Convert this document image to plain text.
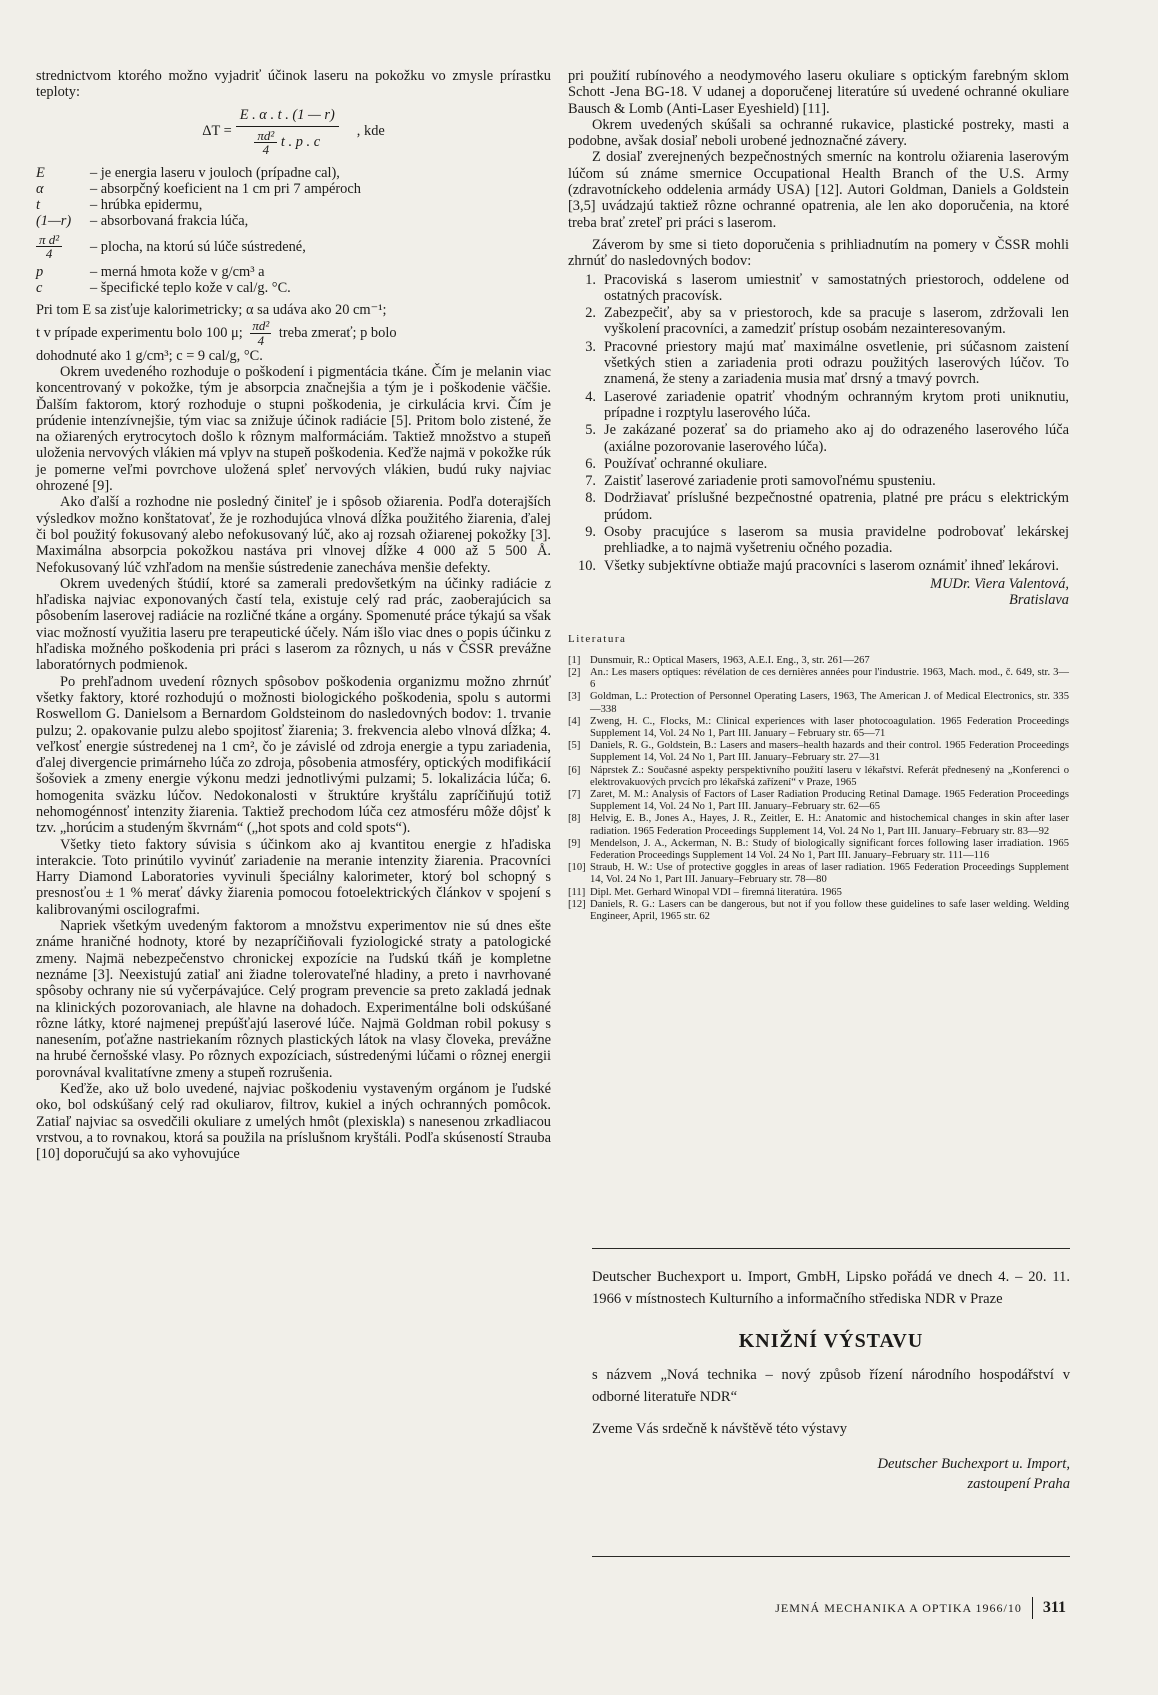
strednictvom ktorého možno vyjadriť účinok laseru na pokožku vo zmysle prírastku teploty:

$\Delta T = \frac{E . \alpha . t . (1 — r)}{\frac{\text{πd²}}{4} t . p . c}$ , kde
E	– je energia laseru v jouloch (prípadne cal),
α	– absorpčný koeficient na 1 cm pri 7 ampéroch
t	– hrúbka epidermu,
(1—r)	– absorbovaná frakcia lúča,
$\frac{\text{π d²}}{4}$ – plocha, na ktorú sú lúče sústredené,
p	– merná hmota kože v g/cm³ a
c	– špecifické teplo kože v cal/g. °C.

Pri tom E sa zisťuje kalorimetricky; α sa udáva ako 20 cm⁻¹;

t v prípade experimentu bolo 100 μ; $\frac{\text{πd²}}{4}$ treba zmerať; p bolo

dohodnuté ako 1 g/cm³; c = 9 cal/g, °C.

Okrem uvedeného rozhoduje o poškodení i pigmentácia tkáne. Čím je melanin viac koncentrovaný v pokožke, tým je absorpcia značnejšia a tým je i poškodenie väčšie. Ďalším faktorom, ktorý rozhoduje o stupni poškodenia, je cirkulácia krvi. Čím je prúdenie intenzívnejšie, tým viac sa znižuje účinok radiácie [5]. Pritom bolo zistené, že na ožiarených erytrocytoch došlo k rôznym malformáciám. Taktiež množstvo a stupeň uloženia nervových vlákien má vplyv na stupeň poškodenia. Keďže najmä v pokožke rúk je pomerne veľmi povrchove uložená spleť nervových vlákien, budú ruky najviac ohrozené [9].

Ako ďalší a rozhodne nie posledný činiteľ je i spôsob ožiarenia. Podľa doterajších výsledkov možno konštatovať, že je rozhodujúca vlnová dĺžka použitého žiarenia, ďalej či bol použitý fokusovaný alebo nefokusovaný lúč, ako aj rozsah ožiarenej pokožky [3]. Maximálna absorpcia pokožkou nastáva pri vlnovej dĺžke 4 000 až 5 500 Å. Nefokusovaný lúč vzhľadom na menšie sústredenie zanecháva menšie defekty.

Okrem uvedených štúdií, ktoré sa zamerali predovšetkým na účinky radiácie z hľadiska najviac exponovaných častí tela, existuje celý rad prác, zaoberajúcich sa pôsobením laserovej radiácie na rozličné tkáne a orgány. Spomenuté práce týkajú sa však viac možností využitia laseru pre terapeutické účely. Nám išlo viac dnes o popis účinku z hľadiska možného poškodenia pri práci s laserom za rôznych, u nás v ČSSR prevážne laboratórnych podmienok.

Po prehľadnom uvedení rôznych spôsobov poškodenia organizmu možno zhrnúť všetky faktory, ktoré rozhodujú o možnosti biologického poškodenia, spolu s autormi Roswellom G. Danielsom a Bernardom Goldsteinom do nasledovných bodov: 1. trvanie pulzu; 2. opakovanie pulzu alebo spojitosť žiarenia; 3. frekvencia alebo vlnová dĺžka; 4. veľkosť energie sústredenej na 1 cm², čo je závislé od zdroja energie a typu zariadenia, ďalej divergencie primárneho lúča zo zdroja, pôsobenia atmosféry, optických modifikácií šošoviek a zmeny energie výkonu medzi jednotlivými pulzami; 5. lokalizácia lúča; 6. homogenita sväzku lúčov. Nedokonalosti v štruktúre kryštálu zapríčiňujú totiž nehomogénnosť intenzity žiarenia. Taktiež prechodom lúča cez atmosféru môže dôjsť k tzv. „horúcim a studeným škvrnám“ („hot spots and cold spots“).

Všetky tieto faktory súvisia s účinkom ako aj kvantitou energie z hľadiska interakcie. Toto prinútilo vyvinúť zariadenie na meranie intenzity žiarenia. Pracovníci Harry Diamond Laboratories vyvinuli špeciálny kalorimeter, ktorý bol schopný s presnosťou ± 1 % merať dávky žiarenia pomocou fotoelektrických článkov v spojení s kalibrovanými oscilografmi.

Napriek všetkým uvedeným faktorom a množstvu experimentov nie sú dnes ešte známe hraničné hodnoty, ktoré by nezapríčiňovali fyziologické straty a patologické zmeny. Najmä nebezpečenstvo chronickej expozície na ľudskú tkáň je kompletne neznáme [3]. Neexistujú zatiaľ ani žiadne tolerovateľné hladiny, a preto i navrhované spôsoby ochrany nie sú vyčerpávajúce. Celý program prevencie sa preto zakladá jednak na klinických pozorovaniach, ale hlavne na dohadoch. Experimentálne boli odskúšané rôzne látky, ktoré najmenej prepúšťajú laserové lúče. Najmä Goldman robil pokusy s nanesením, poťažne nastriekaním rôznych plastických látok na vlasy človeka, prevážne na hrubé černošské vlasy. Po rôznych expozíciach, sústredenými lúčami o rôznej energii porovnával kvalitatívne zmeny a stupeň rozrušenia.

Keďže, ako už bolo uvedené, najviac poškodeniu vystaveným orgánom je ľudské oko, bol odskúšaný celý rad okuliarov, filtrov, kukiel a iných ochranných pomôcok. Zatiaľ najviac sa osvedčili okuliare z umelých hmôt (plexiskla) s nanesenou zrkadliacou vrstvou, a to rovnakou, ktorá sa použila na príslušnom kryštáli. Podľa skúseností Strauba [10] doporučujú sa ako vyhovujúce

pri použití rubínového a neodymového laseru okuliare s optickým farebným sklom Schott -Jena BG-18. V udanej a doporučenej literatúre sú uvedené ochranné okuliare Bausch & Lomb (Anti-Laser Eyeshield) [11].

Okrem uvedených skúšali sa ochranné rukavice, plastické postreky, masti a podobne, avšak dosiaľ neboli urobené jednoznačné závery.

Z dosiaľ zverejnených bezpečnostných smerníc na kontrolu ožiarenia laserovým lúčom sú známe smernice Occupational Health Branch of the U.S. Army (zdravotníckeho oddelenia armády USA) [12]. Autori Goldman, Daniels a Goldstein [3,5] uvádzajú taktiež rôzne ochranné opatrenia, ale len ako doporučenia, na ktoré treba brať zreteľ pri práci s laserom.

Záverom by sme si tieto doporučenia s prihliadnutím na pomery v ČSSR mohli zhrnúť do nasledovných bodov:

1. Pracoviská s laserom umiestniť v samostatných priestoroch, oddelene od ostatných pracovísk.
2. Zabezpečiť, aby sa v priestoroch, kde sa pracuje s laserom, zdržovali len vyškolení pracovníci, a zamedziť prístup osobám nezainteresovaným.
3. Pracovné priestory majú mať maximálne osvetlenie, pri súčasnom zaistení všetkých stien a zariadenia proti odrazu použitých laserových lúčov. To znamená, že steny a zariadenia musia mať drsný a tmavý povrch.
4. Laserové zariadenie opatriť vhodným ochranným krytom proti uniknutiu, prípadne i rozptylu laserového lúča.
5. Je zakázané pozerať sa do priameho ako aj do odrazeného laserového lúča (axiálne pozorovanie laserového lúča).
6. Používať ochranné okuliare.
7. Zaistiť laserové zariadenie proti samovoľnému spusteniu.
8. Dodržiavať príslušné bezpečnostné opatrenia, platné pre prácu s elektrickým prúdom.
9. Osoby pracujúce s laserom sa musia pravidelne podrobovať lekárskej prehliadke, a to najmä vyšetreniu očného pozadia.
10. Všetky subjektívne obtiaže majú pracovníci s laserom oznámiť ihneď lekárovi.
MUDr. Viera Valentová,
Bratislava
Literatura
[1] Dunsmuir, R.: Optical Masers, 1963, A.E.I. Eng., 3, str. 261—267
[2] An.: Les masers optiques: révélation de ces dernières années pour l'industrie. 1963, Mach. mod., č. 649, str. 3—6
[3] Goldman, L.: Protection of Personnel Operating Lasers, 1963, The American J. of Medical Electronics, str. 335—338
[4] Zweng, H. C., Flocks, M.: Clinical experiences with laser photocoagulation. 1965 Federation Proceedings Supplement 14, Vol. 24 No 1, Part III. January – February str. 65—71
[5] Daniels, R. G., Goldstein, B.: Lasers and masers–health hazards and their control. 1965 Federation Proceedings Supplement 14, Vol. 24 No 1, Part III. January–February str. 27—31
[6] Náprstek Z.: Současné aspekty perspektivního použití laseru v lékařství. Referát přednesený na „Konferenci o elektrovakuových prvcích pro lékařská zařízení“ v Praze, 1965
[7] Zaret, M. M.: Analysis of Factors of Laser Radiation Producing Retinal Damage. 1965 Federation Proceedings Supplement 14, Vol. 24 No 1, Part III. January–February str. 62—65
[8] Helvig, E. B., Jones A., Hayes, J. R., Zeitler, E. H.: Anatomic and histochemical changes in skin after laser radiation. 1965 Federation Proceedings Supplement 14, Vol. 24 No 1, Part III. January–February str. 83—92
[9] Mendelson, J. A., Ackerman, N. B.: Study of biologically significant forces following laser irradiation. 1965 Federation Proceedings Supplement 14 Vol. 24 No 1, Part III. January–February str. 111—116
[10] Straub, H. W.: Use of protective goggles in areas of laser radiation. 1965 Federation Proceedings Supplement 14, Vol. 24 No 1, Part III. January–February str. 78—80
[11] Dipl. Met. Gerhard Winopal VDI – firemná literatúra. 1965
[12] Daniels, R. G.: Lasers can be dangerous, but not if you follow these guidelines to safe laser welding. Welding Engineer, April, 1965 str. 62

Deutscher Buchexport u. Import, GmbH, Lipsko pořádá ve dnech 4. – 20. 11. 1966 v místnostech Kulturního a informačního střediska NDR v Praze

KNIŽNÍ VÝSTAVU

s názvem „Nová technika – nový způsob řízení národního hospodářství v odborné literatuře NDR“

Zveme Vás srdečně k návštěvě této výstavy

Deutscher Buchexport u. Import,
zastoupení Praha
JEMNÁ MECHANIKA A OPTIKA 1966/10 311
